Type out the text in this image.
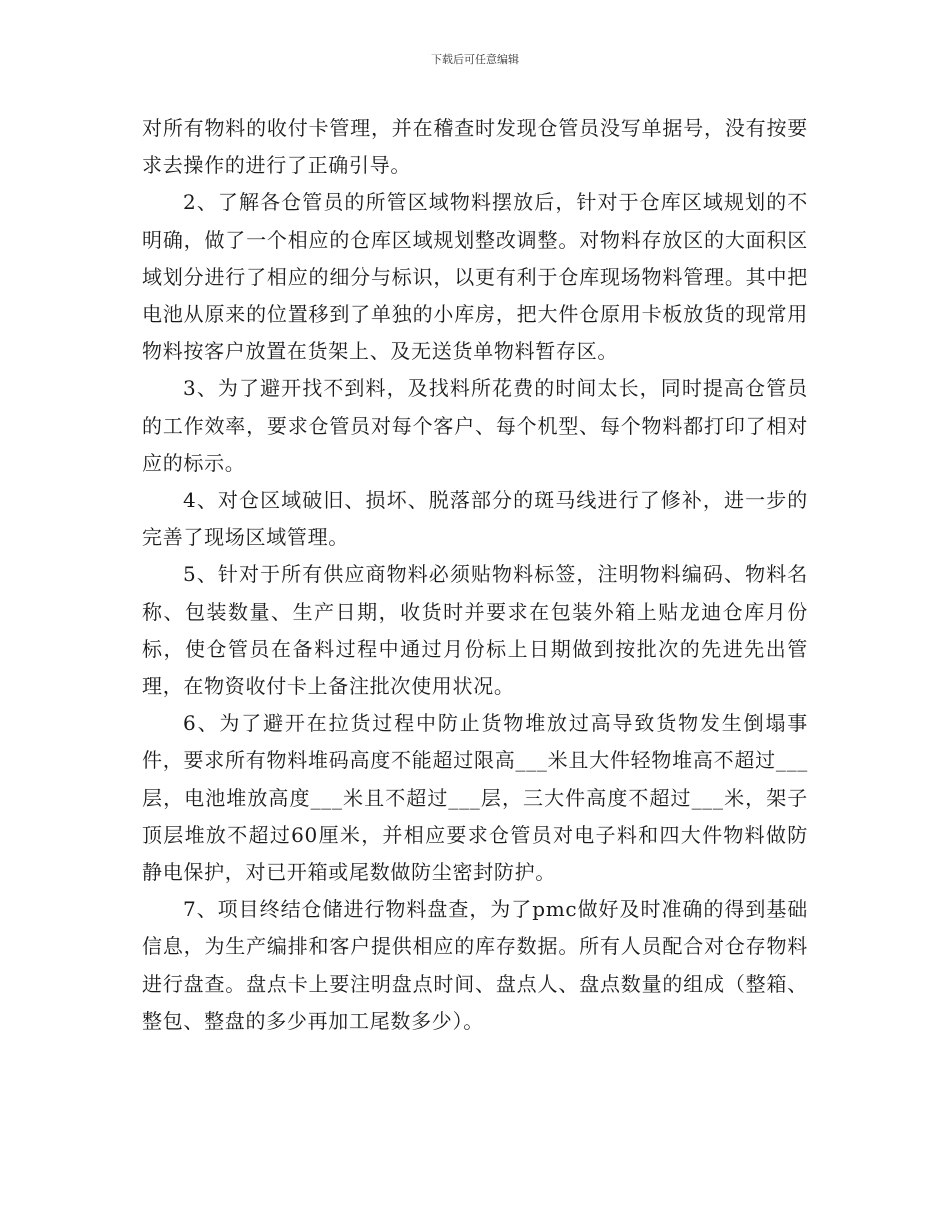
下载后可任意编辑

对所有物料的收付卡管理，并在稽查时发现仓管员没写单据号，没有按要求去操作的进行了正确引导。

2、了解各仓管员的所管区域物料摆放后，针对于仓库区域规划的不明确，做了一个相应的仓库区域规划整改调整。对物料存放区的大面积区域划分进行了相应的细分与标识，以更有利于仓库现场物料管理。其中把电池从原来的位置移到了单独的小库房，把大件仓原用卡板放货的现常用物料按客户放置在货架上、及无送货单物料暂存区。

3、为了避开找不到料，及找料所花费的时间太长，同时提高仓管员的工作效率，要求仓管员对每个客户、每个机型、每个物料都打印了相对应的标示。

4、对仓区域破旧、损坏、脱落部分的斑马线进行了修补，进一步的完善了现场区域管理。

5、针对于所有供应商物料必须贴物料标签，注明物料编码、物料名称、包装数量、生产日期，收货时并要求在包装外箱上贴龙迪仓库月份标，使仓管员在备料过程中通过月份标上日期做到按批次的先进先出管理，在物资收付卡上备注批次使用状况。

6、为了避开在拉货过程中防止货物堆放过高导致货物发生倒塌事件，要求所有物料堆码高度不能超过限高___米且大件轻物堆高不超过___层，电池堆放高度___米且不超过___层，三大件高度不超过___米，架子顶层堆放不超过60厘米，并相应要求仓管员对电子料和四大件物料做防静电保护，对已开箱或尾数做防尘密封防护。

7、项目终结仓储进行物料盘查，为了pmc做好及时准确的得到基础信息，为生产编排和客户提供相应的库存数据。所有人员配合对仓存物料进行盘查。盘点卡上要注明盘点时间、盘点人、盘点数量的组成（整箱、整包、整盘的多少再加工尾数多少）。
